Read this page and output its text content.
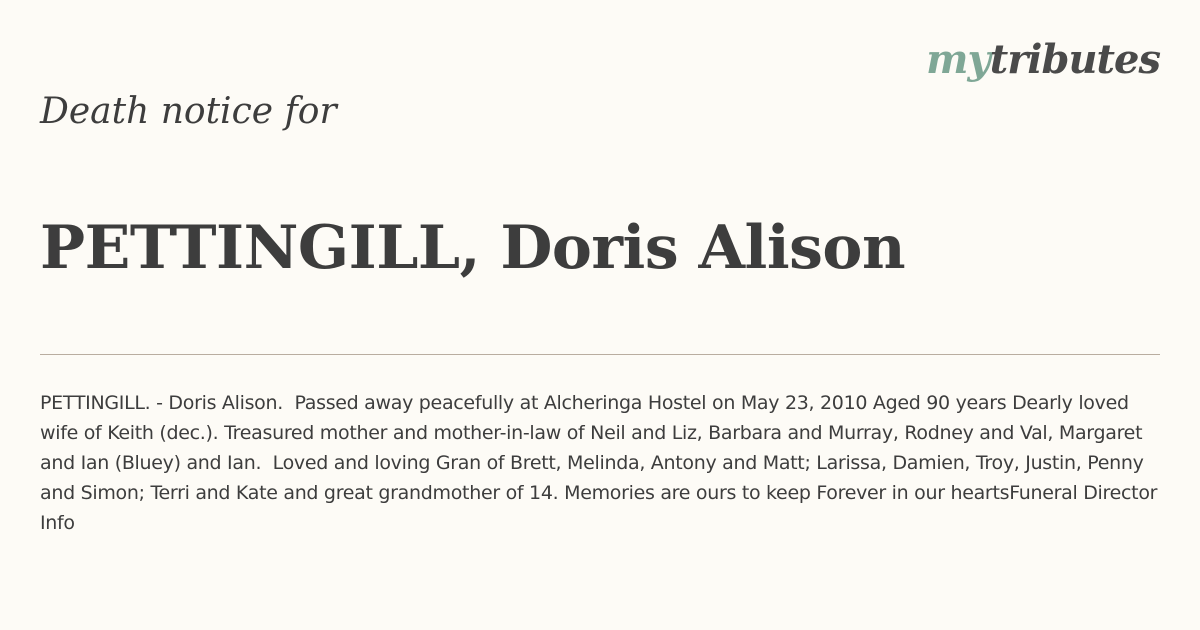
mytributes
Death notice for
PETTINGILL, Doris Alison
PETTINGILL. - Doris Alison.  Passed away peacefully at Alcheringa Hostel on May 23, 2010 Aged 90 years Dearly loved wife of Keith (dec.). Treasured mother and mother-in-law of Neil and Liz, Barbara and Murray, Rodney and Val, Margaret and Ian (Bluey) and Ian.  Loved and loving Gran of Brett, Melinda, Antony and Matt; Larissa, Damien, Troy, Justin, Penny and Simon; Terri and Kate and great grandmother of 14. Memories are ours to keep Forever in our heartsFuneral Director Info
